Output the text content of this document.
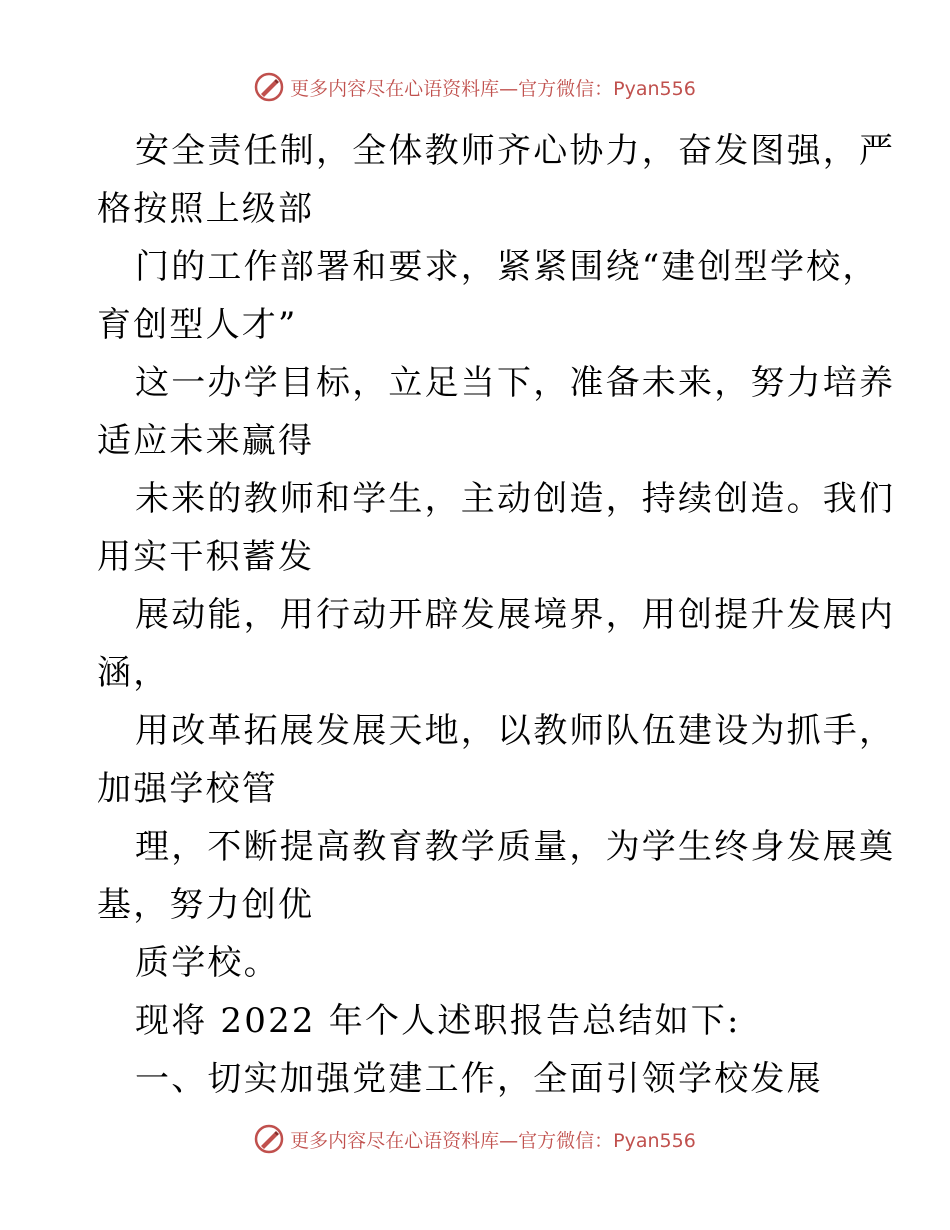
更多内容尽在心语资料库—官方微信：Pyan556
安全责任制，全体教师齐心协力，奋发图强，严
格按照上级部
门的工作部署和要求，紧紧围绕“建创型学校，
育创型人才”
这一办学目标，立足当下，准备未来，努力培养
适应未来赢得
未来的教师和学生，主动创造，持续创造。我们
用实干积蓄发
展动能，用行动开辟发展境界，用创提升发展内
涵，
用改革拓展发展天地，以教师队伍建设为抓手，
加强学校管
理，不断提高教育教学质量，为学生终身发展奠
基，努力创优
质学校。
现将 2022 年个人述职报告总结如下:
一、切实加强党建工作，全面引领学校发展
更多内容尽在心语资料库—官方微信：Pyan556
